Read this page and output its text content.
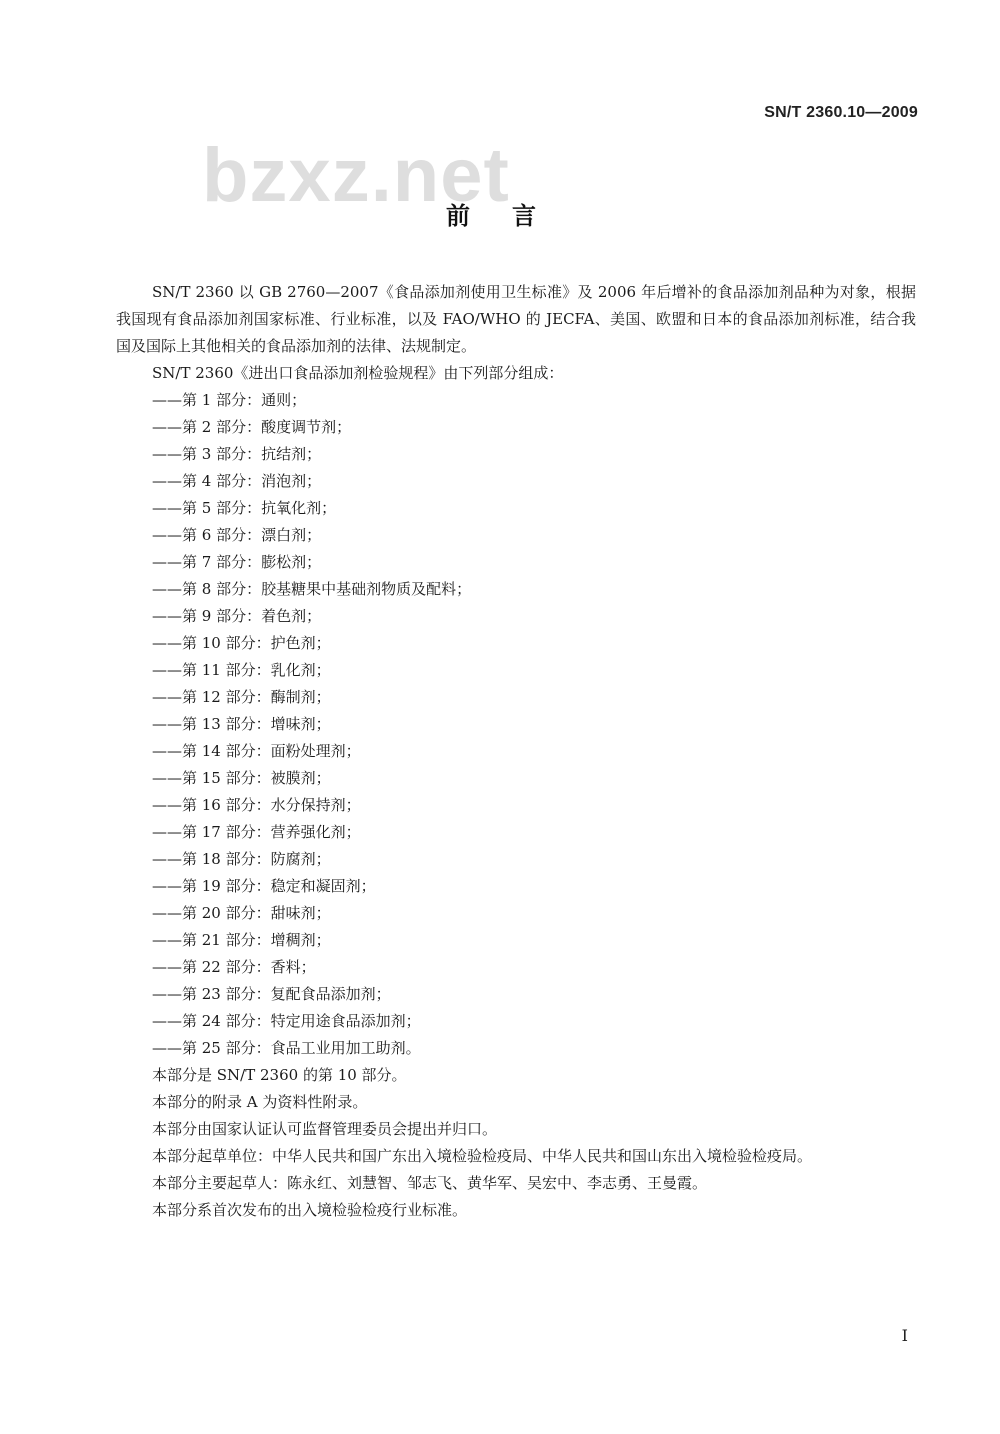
SN/T 2360.10—2009
bzxz.net
前言

SN/T 2360 以 GB 2760—2007《食品添加剂使用卫生标准》及 2006 年后增补的食品添加剂品种为对象，根据我国现有食品添加剂国家标准、行业标准，以及 FAO/WHO 的 JECFA、美国、欧盟和日本的食品添加剂标准，结合我国及国际上其他相关的食品添加剂的法律、法规制定。

SN/T 2360《进出口食品添加剂检验规程》由下列部分组成：

——第 1 部分：通则；
——第 2 部分：酸度调节剂；
——第 3 部分：抗结剂；
——第 4 部分：消泡剂；
——第 5 部分：抗氧化剂；
——第 6 部分：漂白剂；
——第 7 部分：膨松剂；
——第 8 部分：胶基糖果中基础剂物质及配料；
——第 9 部分：着色剂；
——第 10 部分：护色剂；
——第 11 部分：乳化剂；
——第 12 部分：酶制剂；
——第 13 部分：增味剂；
——第 14 部分：面粉处理剂；
——第 15 部分：被膜剂；
——第 16 部分：水分保持剂；
——第 17 部分：营养强化剂；
——第 18 部分：防腐剂；
——第 19 部分：稳定和凝固剂；
——第 20 部分：甜味剂；
——第 21 部分：增稠剂；
——第 22 部分：香料；
——第 23 部分：复配食品添加剂；
——第 24 部分：特定用途食品添加剂；
——第 25 部分：食品工业用加工助剂。

本部分是 SN/T 2360 的第 10 部分。

本部分的附录 A 为资料性附录。

本部分由国家认证认可监督管理委员会提出并归口。

本部分起草单位：中华人民共和国广东出入境检验检疫局、中华人民共和国山东出入境检验检疫局。

本部分主要起草人：陈永红、刘慧智、邹志飞、黄华军、吴宏中、李志勇、王曼霞。

本部分系首次发布的出入境检验检疫行业标准。

I
